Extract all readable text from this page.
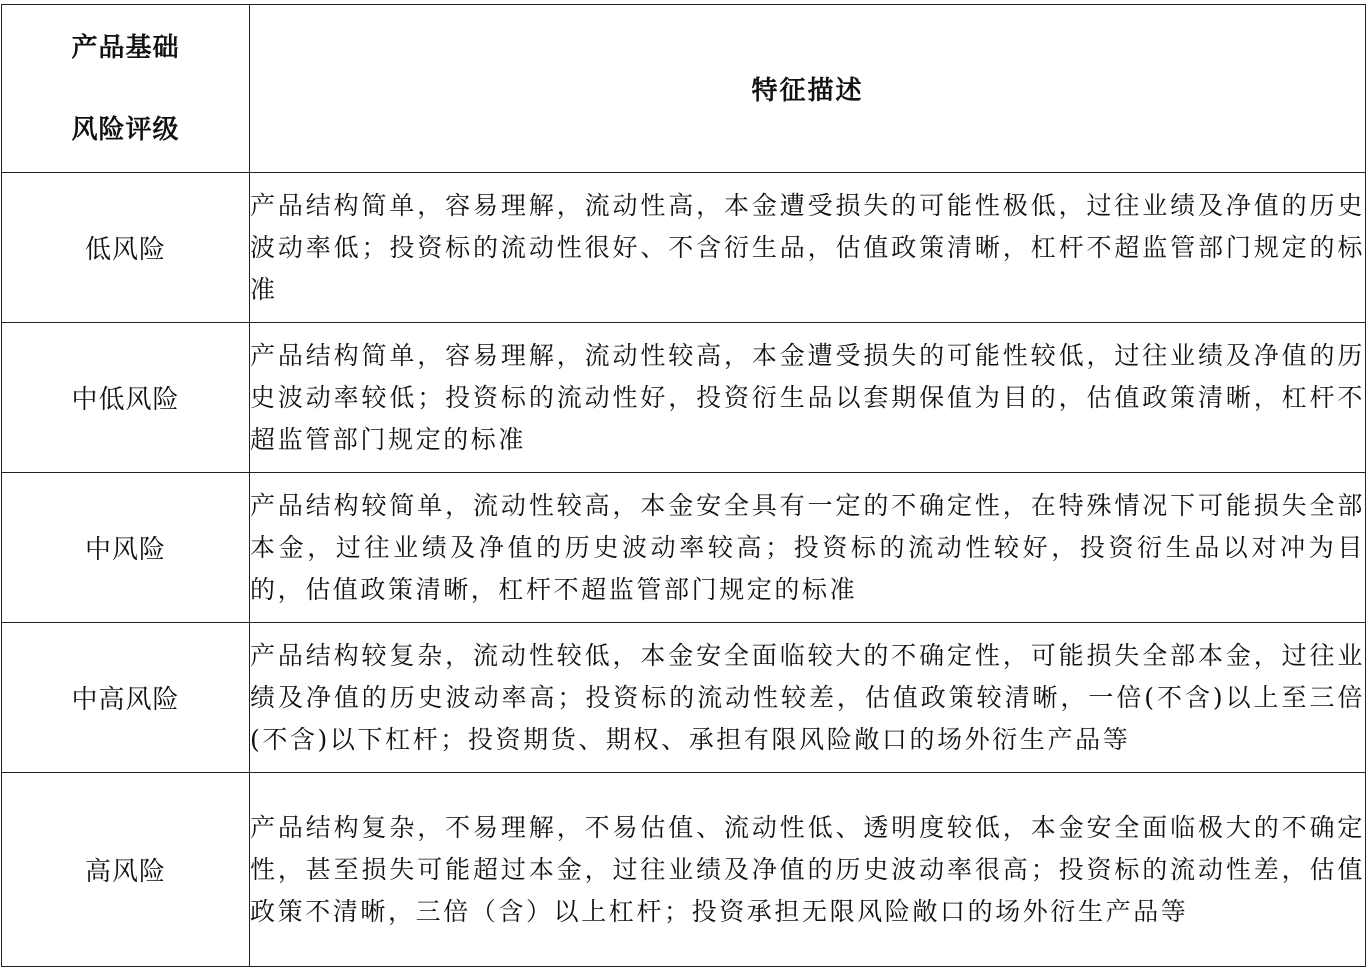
产品基础
风险评级	特征描述
低风险	产品结构简单，容易理解，流动性高，本金遭受损失的可能性极低，过往业绩及净值的历史波动率低；投资标的流动性很好、不含衍生品，估值政策清晰，杠杆不超监管部门规定的标准
中低风险	产品结构简单，容易理解，流动性较高，本金遭受损失的可能性较低，过往业绩及净值的历史波动率较低；投资标的流动性好，投资衍生品以套期保值为目的，估值政策清晰，杠杆不超监管部门规定的标准
中风险	产品结构较简单，流动性较高，本金安全具有一定的不确定性，在特殊情况下可能损失全部本金，过往业绩及净值的历史波动率较高；投资标的流动性较好，投资衍生品以对冲为目的，估值政策清晰，杠杆不超监管部门规定的标准
中高风险	产品结构较复杂，流动性较低，本金安全面临较大的不确定性，可能损失全部本金，过往业绩及净值的历史波动率高；投资标的流动性较差，估值政策较清晰，一倍(不含)以上至三倍(不含)以下杠杆；投资期货、期权、承担有限风险敞口的场外衍生产品等
高风险	产品结构复杂，不易理解，不易估值、流动性低、透明度较低，本金安全面临极大的不确定性，甚至损失可能超过本金，过往业绩及净值的历史波动率很高；投资标的流动性差，估值政策不清晰，三倍（含）以上杠杆；投资承担无限风险敞口的场外衍生产品等
